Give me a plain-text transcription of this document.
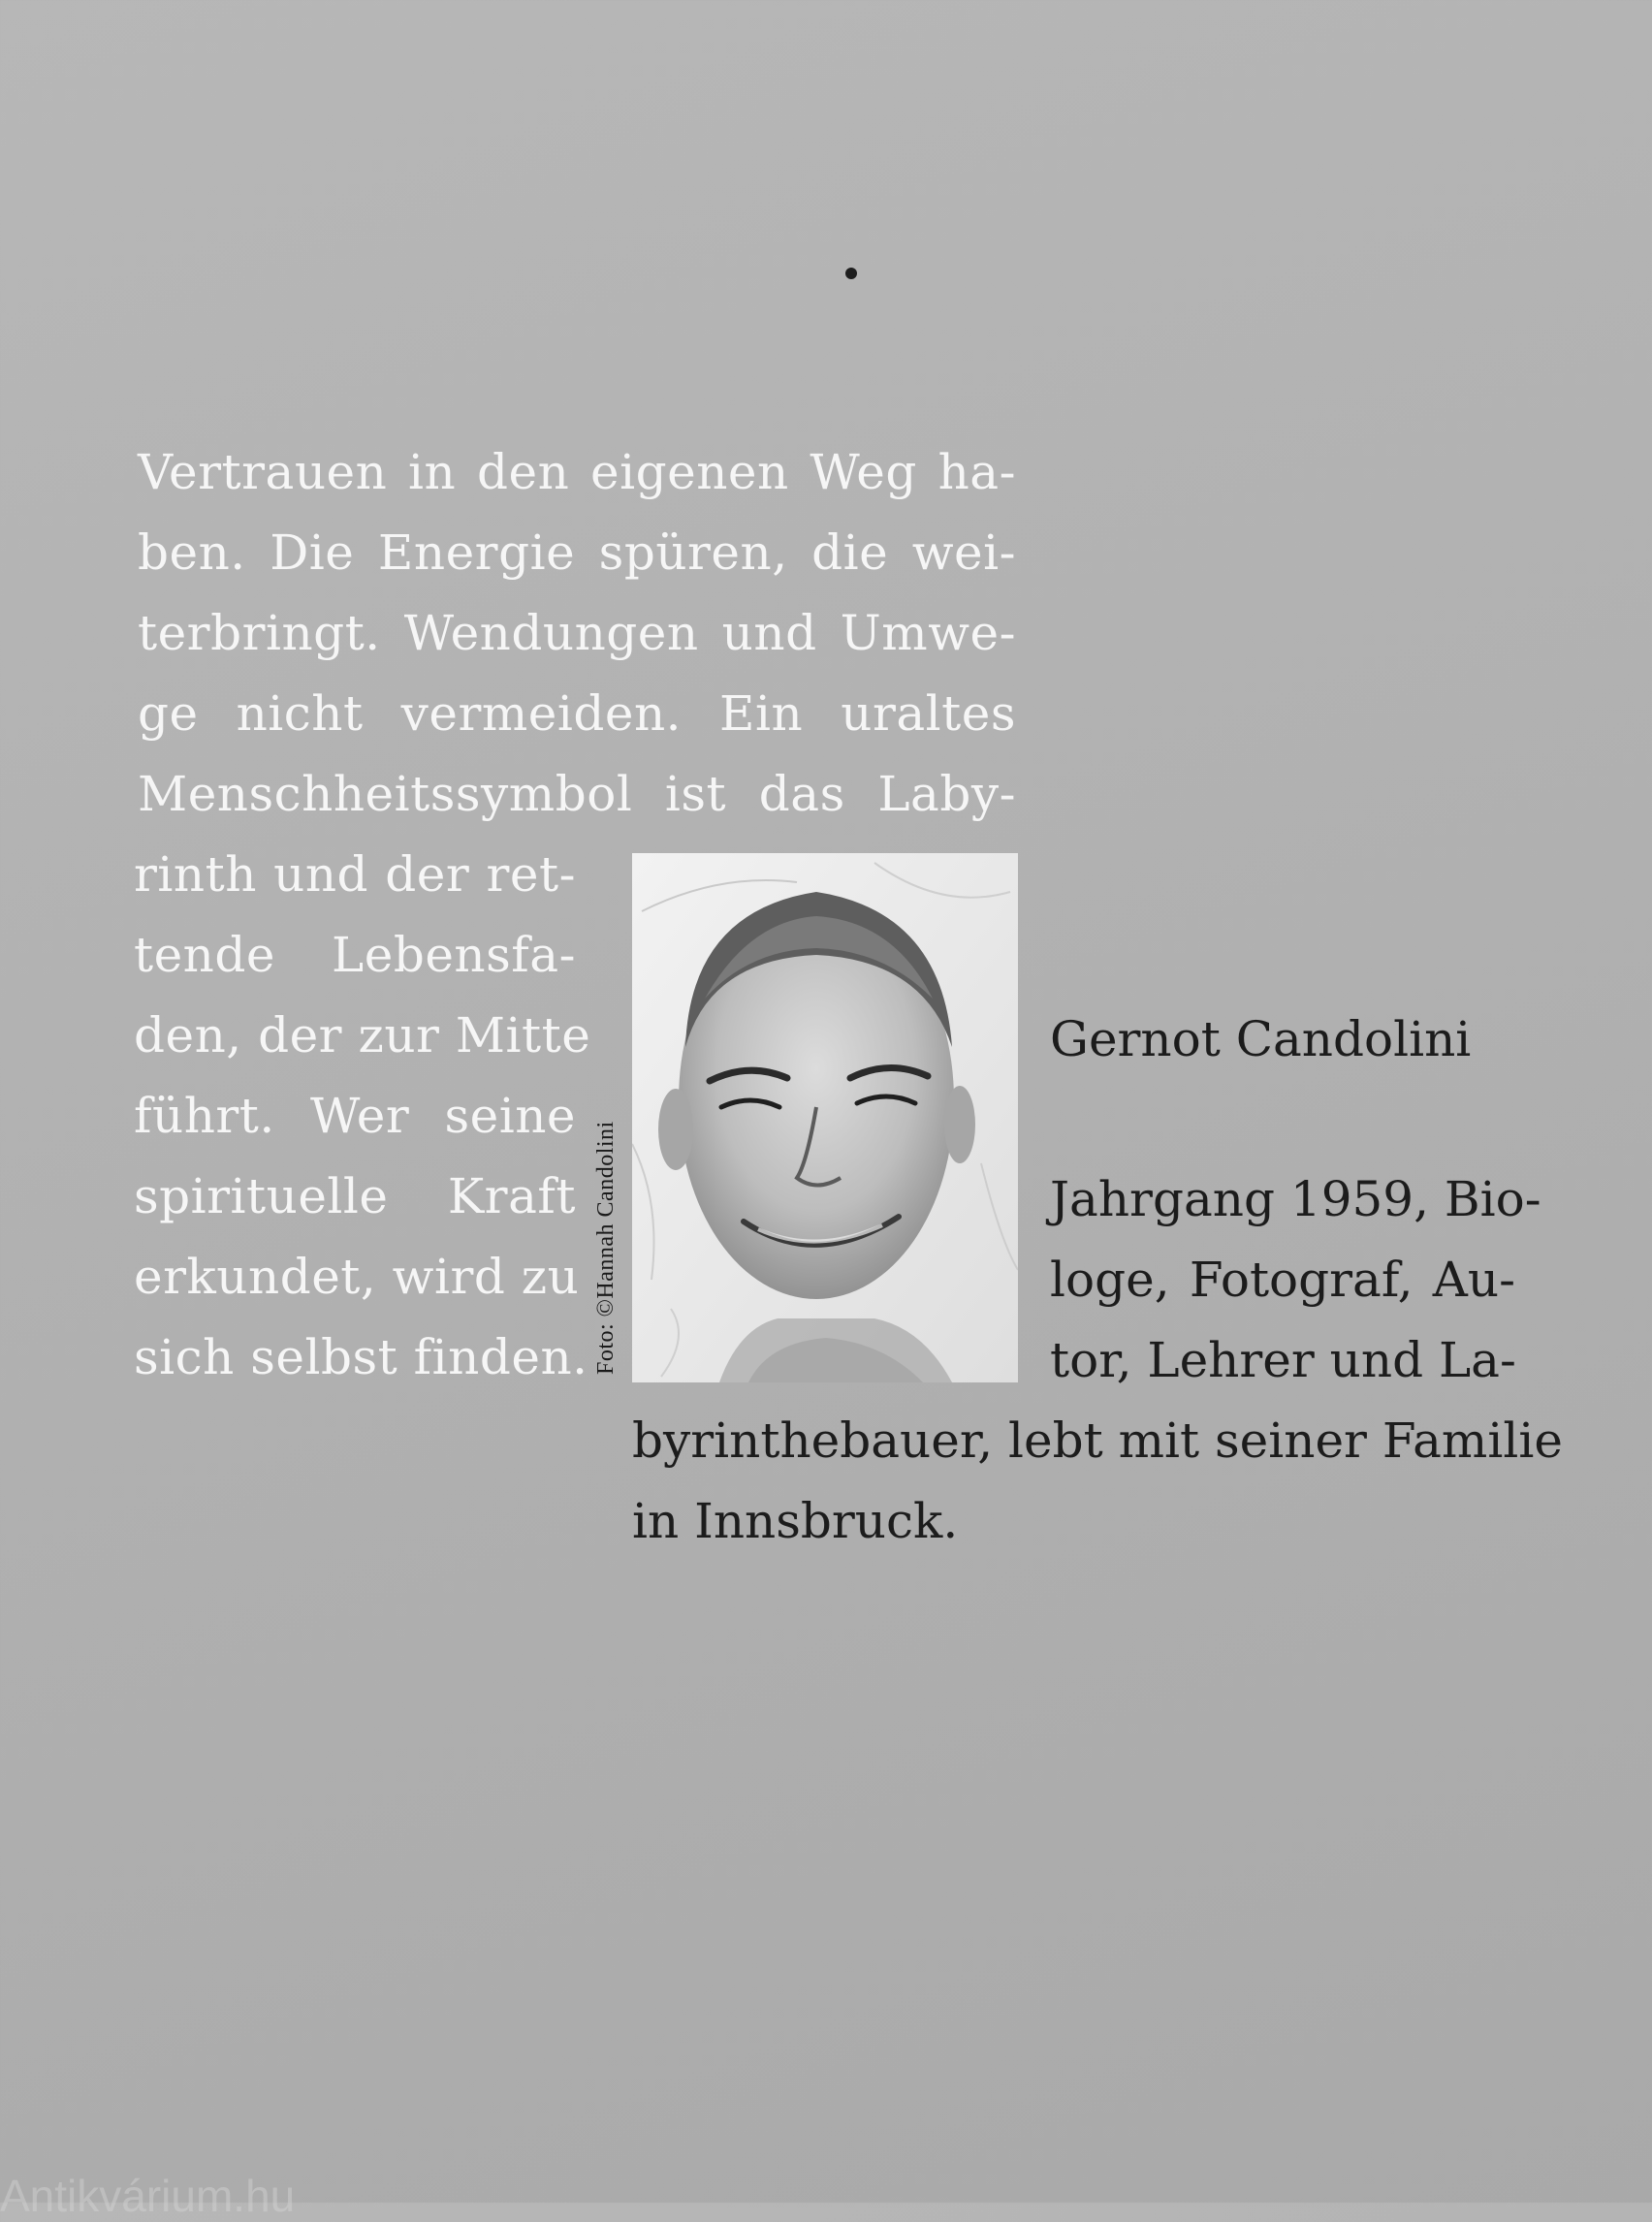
Vertrauen in den eigenen Weg ha-
ben. Die Energie spüren, die wei-
terbringt. Wendungen und Umwe-
ge nicht vermeiden. Ein uraltes
Menschheitssymbol ist das Laby-

rinth und der ret-
tende Lebensfa-
den, der zur Mitte
führt. Wer seine
spirituelle Kraft
erkundet, wird zu
sich selbst finden. Foto: ©Hannah Candolini
Gernot Candolini

Jahrgang 1959, Bio-
loge, Fotograf, Au-
tor, Lehrer und La-

byrinthebauer, lebt mit seiner Familie
in Innsbruck.

Antikvárium.hu
